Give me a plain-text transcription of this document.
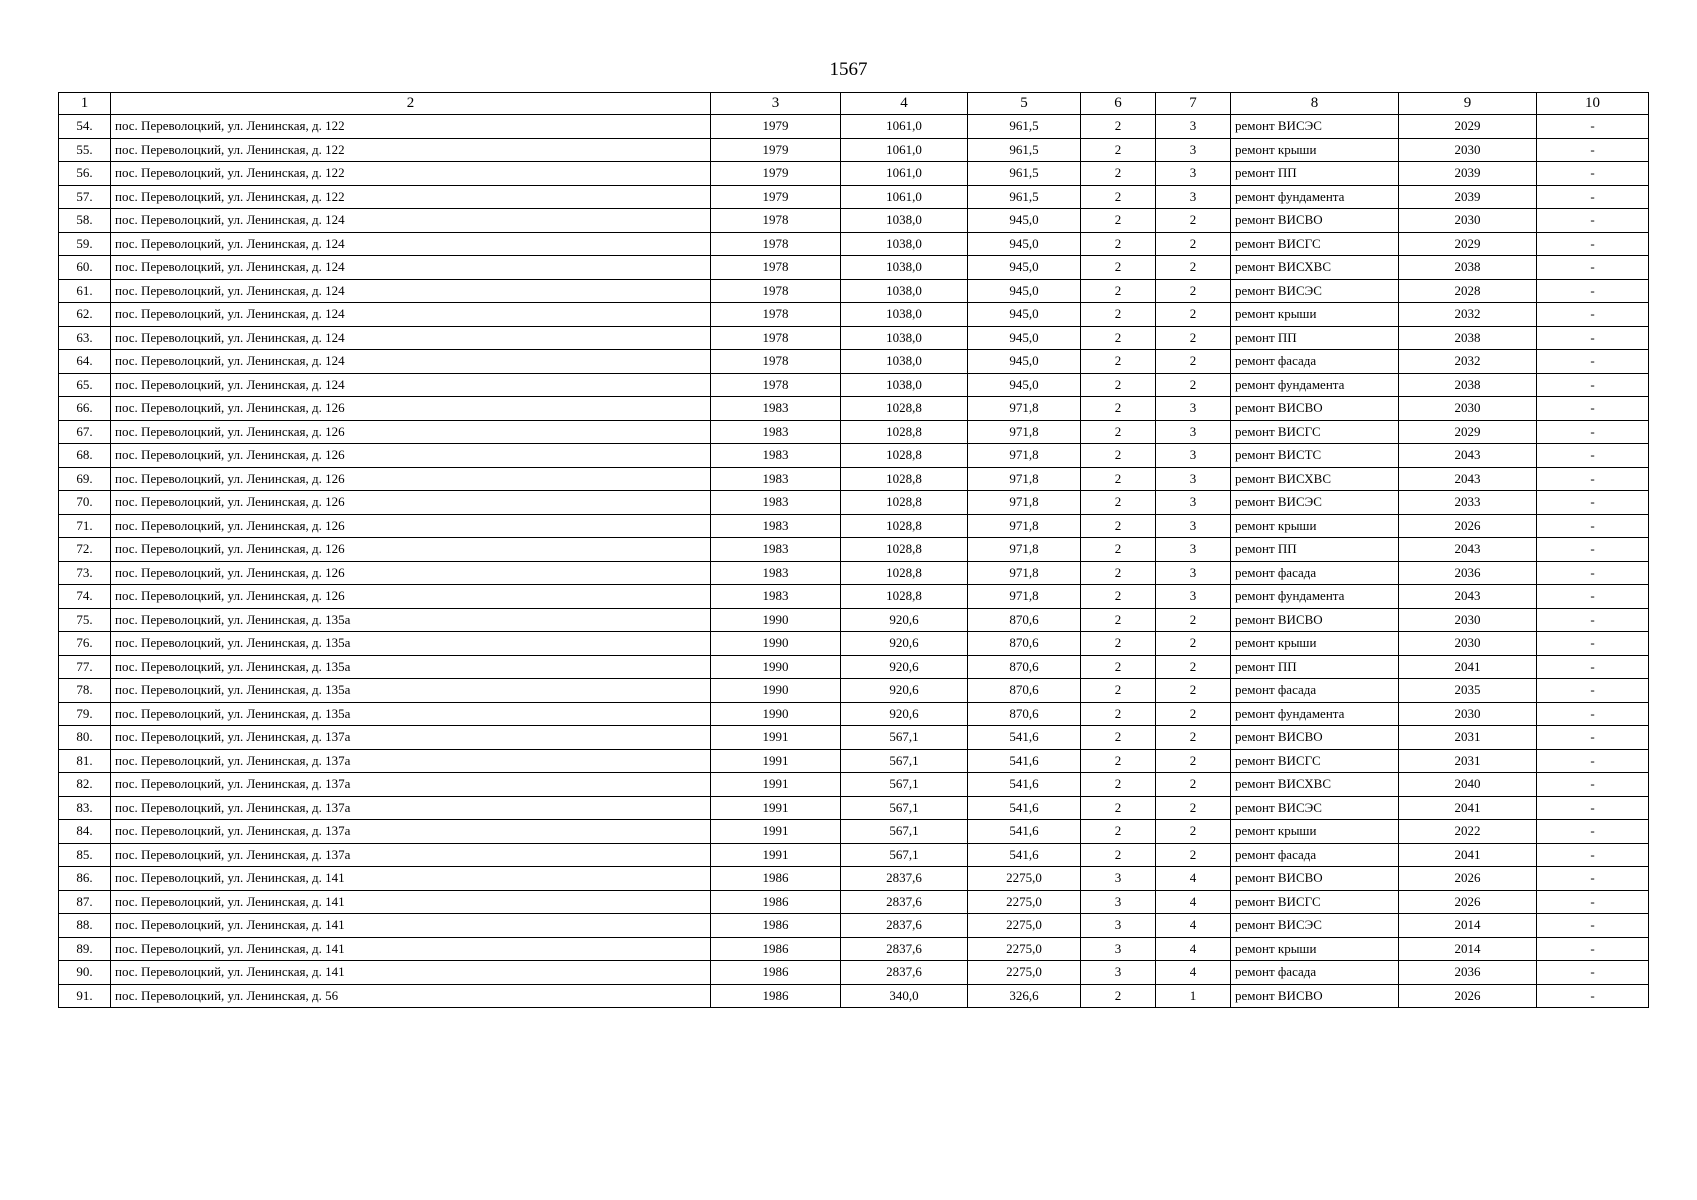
1567
1	2	3	4	5	6	7	8	9	10
54.	пос. Переволоцкий, ул. Ленинская, д. 122	1979	1061,0	961,5	2	3	ремонт ВИСЭС	2029	-
55.	пос. Переволоцкий, ул. Ленинская, д. 122	1979	1061,0	961,5	2	3	ремонт крыши	2030	-
56.	пос. Переволоцкий, ул. Ленинская, д. 122	1979	1061,0	961,5	2	3	ремонт ПП	2039	-
57.	пос. Переволоцкий, ул. Ленинская, д. 122	1979	1061,0	961,5	2	3	ремонт фундамента	2039	-
58.	пос. Переволоцкий, ул. Ленинская, д. 124	1978	1038,0	945,0	2	2	ремонт ВИСВО	2030	-
59.	пос. Переволоцкий, ул. Ленинская, д. 124	1978	1038,0	945,0	2	2	ремонт ВИСГС	2029	-
60.	пос. Переволоцкий, ул. Ленинская, д. 124	1978	1038,0	945,0	2	2	ремонт ВИСХВС	2038	-
61.	пос. Переволоцкий, ул. Ленинская, д. 124	1978	1038,0	945,0	2	2	ремонт ВИСЭС	2028	-
62.	пос. Переволоцкий, ул. Ленинская, д. 124	1978	1038,0	945,0	2	2	ремонт крыши	2032	-
63.	пос. Переволоцкий, ул. Ленинская, д. 124	1978	1038,0	945,0	2	2	ремонт ПП	2038	-
64.	пос. Переволоцкий, ул. Ленинская, д. 124	1978	1038,0	945,0	2	2	ремонт фасада	2032	-
65.	пос. Переволоцкий, ул. Ленинская, д. 124	1978	1038,0	945,0	2	2	ремонт фундамента	2038	-
66.	пос. Переволоцкий, ул. Ленинская, д. 126	1983	1028,8	971,8	2	3	ремонт ВИСВО	2030	-
67.	пос. Переволоцкий, ул. Ленинская, д. 126	1983	1028,8	971,8	2	3	ремонт ВИСГС	2029	-
68.	пос. Переволоцкий, ул. Ленинская, д. 126	1983	1028,8	971,8	2	3	ремонт ВИСТС	2043	-
69.	пос. Переволоцкий, ул. Ленинская, д. 126	1983	1028,8	971,8	2	3	ремонт ВИСХВС	2043	-
70.	пос. Переволоцкий, ул. Ленинская, д. 126	1983	1028,8	971,8	2	3	ремонт ВИСЭС	2033	-
71.	пос. Переволоцкий, ул. Ленинская, д. 126	1983	1028,8	971,8	2	3	ремонт крыши	2026	-
72.	пос. Переволоцкий, ул. Ленинская, д. 126	1983	1028,8	971,8	2	3	ремонт ПП	2043	-
73.	пос. Переволоцкий, ул. Ленинская, д. 126	1983	1028,8	971,8	2	3	ремонт фасада	2036	-
74.	пос. Переволоцкий, ул. Ленинская, д. 126	1983	1028,8	971,8	2	3	ремонт фундамента	2043	-
75.	пос. Переволоцкий, ул. Ленинская, д. 135а	1990	920,6	870,6	2	2	ремонт ВИСВО	2030	-
76.	пос. Переволоцкий, ул. Ленинская, д. 135а	1990	920,6	870,6	2	2	ремонт крыши	2030	-
77.	пос. Переволоцкий, ул. Ленинская, д. 135а	1990	920,6	870,6	2	2	ремонт ПП	2041	-
78.	пос. Переволоцкий, ул. Ленинская, д. 135а	1990	920,6	870,6	2	2	ремонт фасада	2035	-
79.	пос. Переволоцкий, ул. Ленинская, д. 135а	1990	920,6	870,6	2	2	ремонт фундамента	2030	-
80.	пос. Переволоцкий, ул. Ленинская, д. 137а	1991	567,1	541,6	2	2	ремонт ВИСВО	2031	-
81.	пос. Переволоцкий, ул. Ленинская, д. 137а	1991	567,1	541,6	2	2	ремонт ВИСГС	2031	-
82.	пос. Переволоцкий, ул. Ленинская, д. 137а	1991	567,1	541,6	2	2	ремонт ВИСХВС	2040	-
83.	пос. Переволоцкий, ул. Ленинская, д. 137а	1991	567,1	541,6	2	2	ремонт ВИСЭС	2041	-
84.	пос. Переволоцкий, ул. Ленинская, д. 137а	1991	567,1	541,6	2	2	ремонт крыши	2022	-
85.	пос. Переволоцкий, ул. Ленинская, д. 137а	1991	567,1	541,6	2	2	ремонт фасада	2041	-
86.	пос. Переволоцкий, ул. Ленинская, д. 141	1986	2837,6	2275,0	3	4	ремонт ВИСВО	2026	-
87.	пос. Переволоцкий, ул. Ленинская, д. 141	1986	2837,6	2275,0	3	4	ремонт ВИСГС	2026	-
88.	пос. Переволоцкий, ул. Ленинская, д. 141	1986	2837,6	2275,0	3	4	ремонт ВИСЭС	2014	-
89.	пос. Переволоцкий, ул. Ленинская, д. 141	1986	2837,6	2275,0	3	4	ремонт крыши	2014	-
90.	пос. Переволоцкий, ул. Ленинская, д. 141	1986	2837,6	2275,0	3	4	ремонт фасада	2036	-
91.	пос. Переволоцкий, ул. Ленинская, д. 56	1986	340,0	326,6	2	1	ремонт ВИСВО	2026	-
